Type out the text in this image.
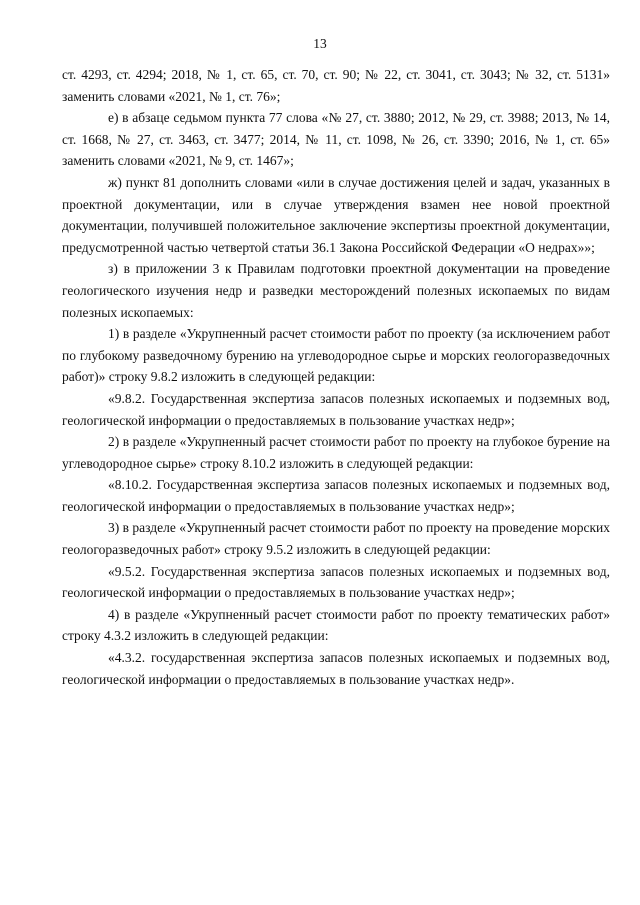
13

ст. 4293, ст. 4294; 2018, № 1, ст. 65, ст. 70, ст. 90; № 22, ст. 3041, ст. 3043; № 32, ст. 5131» заменить словами «2021, № 1, ст. 76»;

е) в абзаце седьмом пункта 77 слова «№ 27, ст. 3880; 2012, № 29, ст. 3988; 2013, № 14, ст. 1668, № 27, ст. 3463, ст. 3477; 2014, № 11, ст. 1098, № 26, ст. 3390; 2016, № 1, ст. 65» заменить словами «2021, № 9, ст. 1467»;

ж) пункт 81 дополнить словами «или в случае достижения целей и задач, указанных в проектной документации, или в случае утверждения взамен нее новой проектной документации, получившей положительное заключение экспертизы проектной документации, предусмотренной частью четвертой статьи 36.1 Закона Российской Федерации «О недрах»»;

з) в приложении 3 к Правилам подготовки проектной документации на проведение геологического изучения недр и разведки месторождений полезных ископаемых по видам полезных ископаемых:

1) в разделе «Укрупненный расчет стоимости работ по проекту (за исключением работ по глубокому разведочному бурению на углеводородное сырье и морских геологоразведочных работ)» строку 9.8.2 изложить в следующей редакции:

«9.8.2. Государственная экспертиза запасов полезных ископаемых и подземных вод, геологической информации о предоставляемых в пользование участках недр»;

2) в разделе «Укрупненный расчет стоимости работ по проекту на глубокое бурение на углеводородное сырье» строку 8.10.2 изложить в следующей редакции:

«8.10.2. Государственная экспертиза запасов полезных ископаемых и подземных вод, геологической информации о предоставляемых в пользование участках недр»;

3) в разделе «Укрупненный расчет стоимости работ по проекту на проведение морских геологоразведочных работ» строку 9.5.2 изложить в следующей редакции:

«9.5.2. Государственная экспертиза запасов полезных ископаемых и подземных вод, геологической информации о предоставляемых в пользование участках недр»;

4) в разделе «Укрупненный расчет стоимости работ по проекту тематических работ» строку 4.3.2 изложить в следующей редакции:

«4.3.2. государственная экспертиза запасов полезных ископаемых и подземных вод, геологической информации о предоставляемых в пользование участках недр».
